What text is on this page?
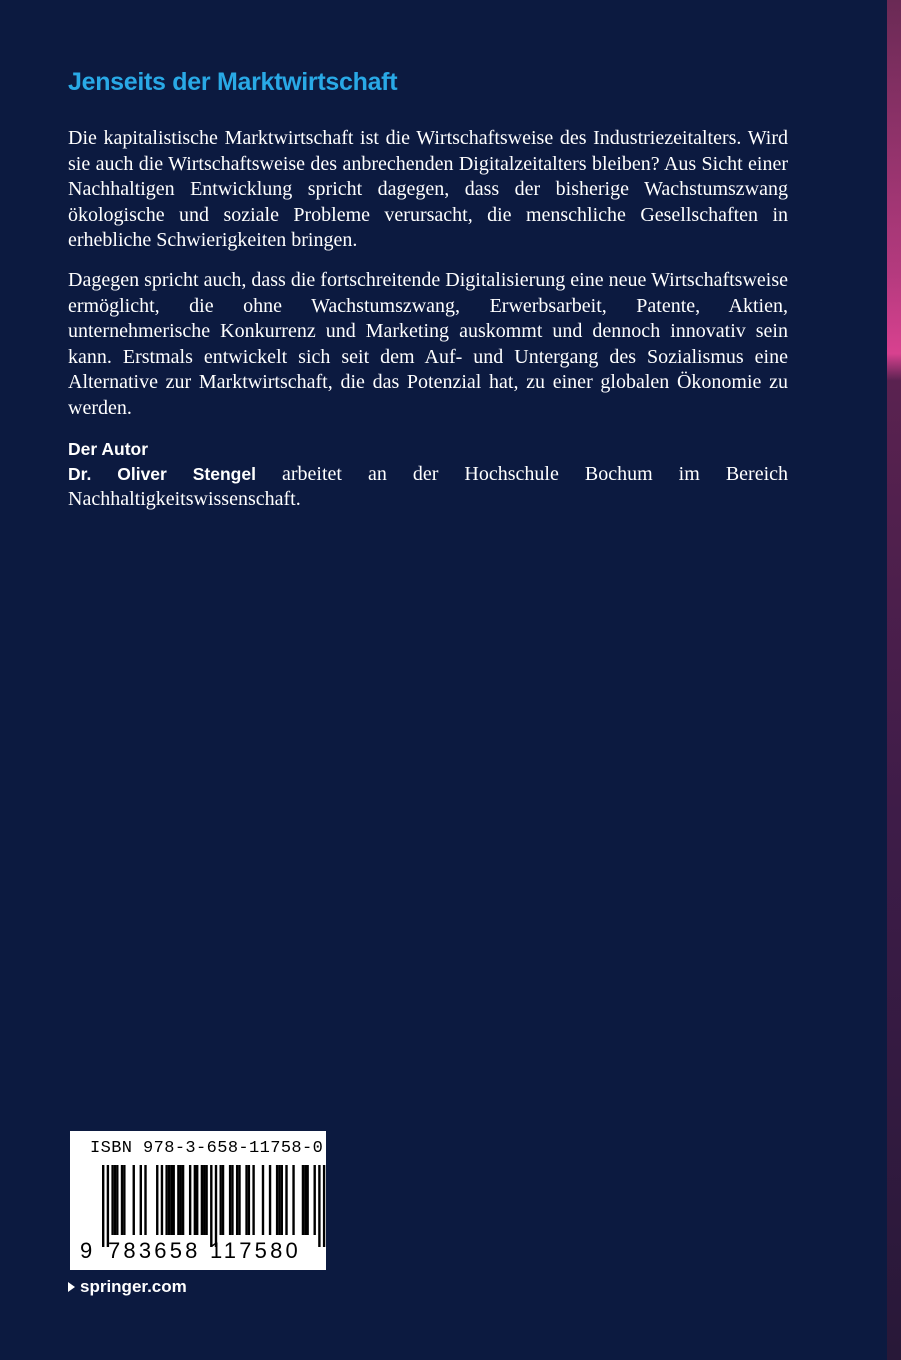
Jenseits der Marktwirtschaft

Die kapitalistische Marktwirtschaft ist die Wirtschaftsweise des Industriezeitalters. Wird sie auch die Wirtschaftsweise des anbrechenden Digitalzeitalters bleiben? Aus Sicht einer Nachhaltigen Entwicklung spricht dagegen, dass der bisherige Wachstumszwang ökologische und soziale Probleme verursacht, die menschliche Gesellschaften in erhebliche Schwierigkeiten bringen.

Dagegen spricht auch, dass die fortschreitende Digitalisierung eine neue Wirtschaftsweise ermöglicht, die ohne Wachstumszwang, Erwerbsarbeit, Patente, Aktien, unternehmerische Konkurrenz und Marketing auskommt und dennoch innovativ sein kann. Erstmals entwickelt sich seit dem Auf- und Untergang des Sozialismus eine Alternative zur Marktwirtschaft, die das Potenzial hat, zu einer globalen Ökonomie zu werden.

Der Autor

Dr. Oliver Stengel arbeitet an der Hochschule Bochum im Bereich Nachhaltigkeitswissenschaft.

ISBN 978-3-658-11758-0
9 783658 117580
springer.com
